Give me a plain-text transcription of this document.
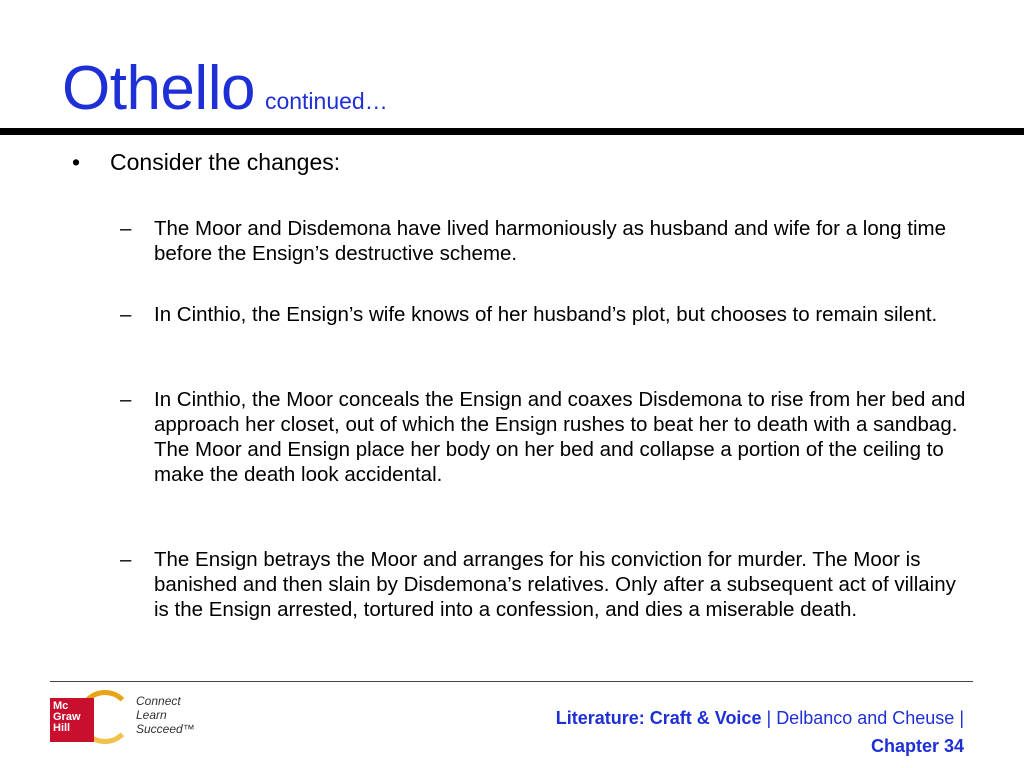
Othello continued…
• Consider the changes:
– The Moor and Disdemona have lived harmoniously as husband and wife for a long time before the Ensign’s destructive scheme.
– In Cinthio, the Ensign’s wife knows of her husband’s plot, but chooses to remain silent.
– In Cinthio, the Moor conceals the Ensign and coaxes Disdemona to rise from her bed and approach her closet, out of which the Ensign rushes to beat her to death with a sandbag. The Moor and Ensign place her body on her bed and collapse a portion of the ceiling to make the death look accidental.
– The Ensign betrays the Moor and arranges for his conviction for murder. The Moor is banished and then slain by Disdemona’s relatives. Only after a subsequent act of villainy is the Ensign arrested, tortured into a confession, and dies a miserable death.
Mc Graw Hill
Connect
Learn
Succeed™
Literature: Craft & Voice | Delbanco and Cheuse |
Chapter 34
